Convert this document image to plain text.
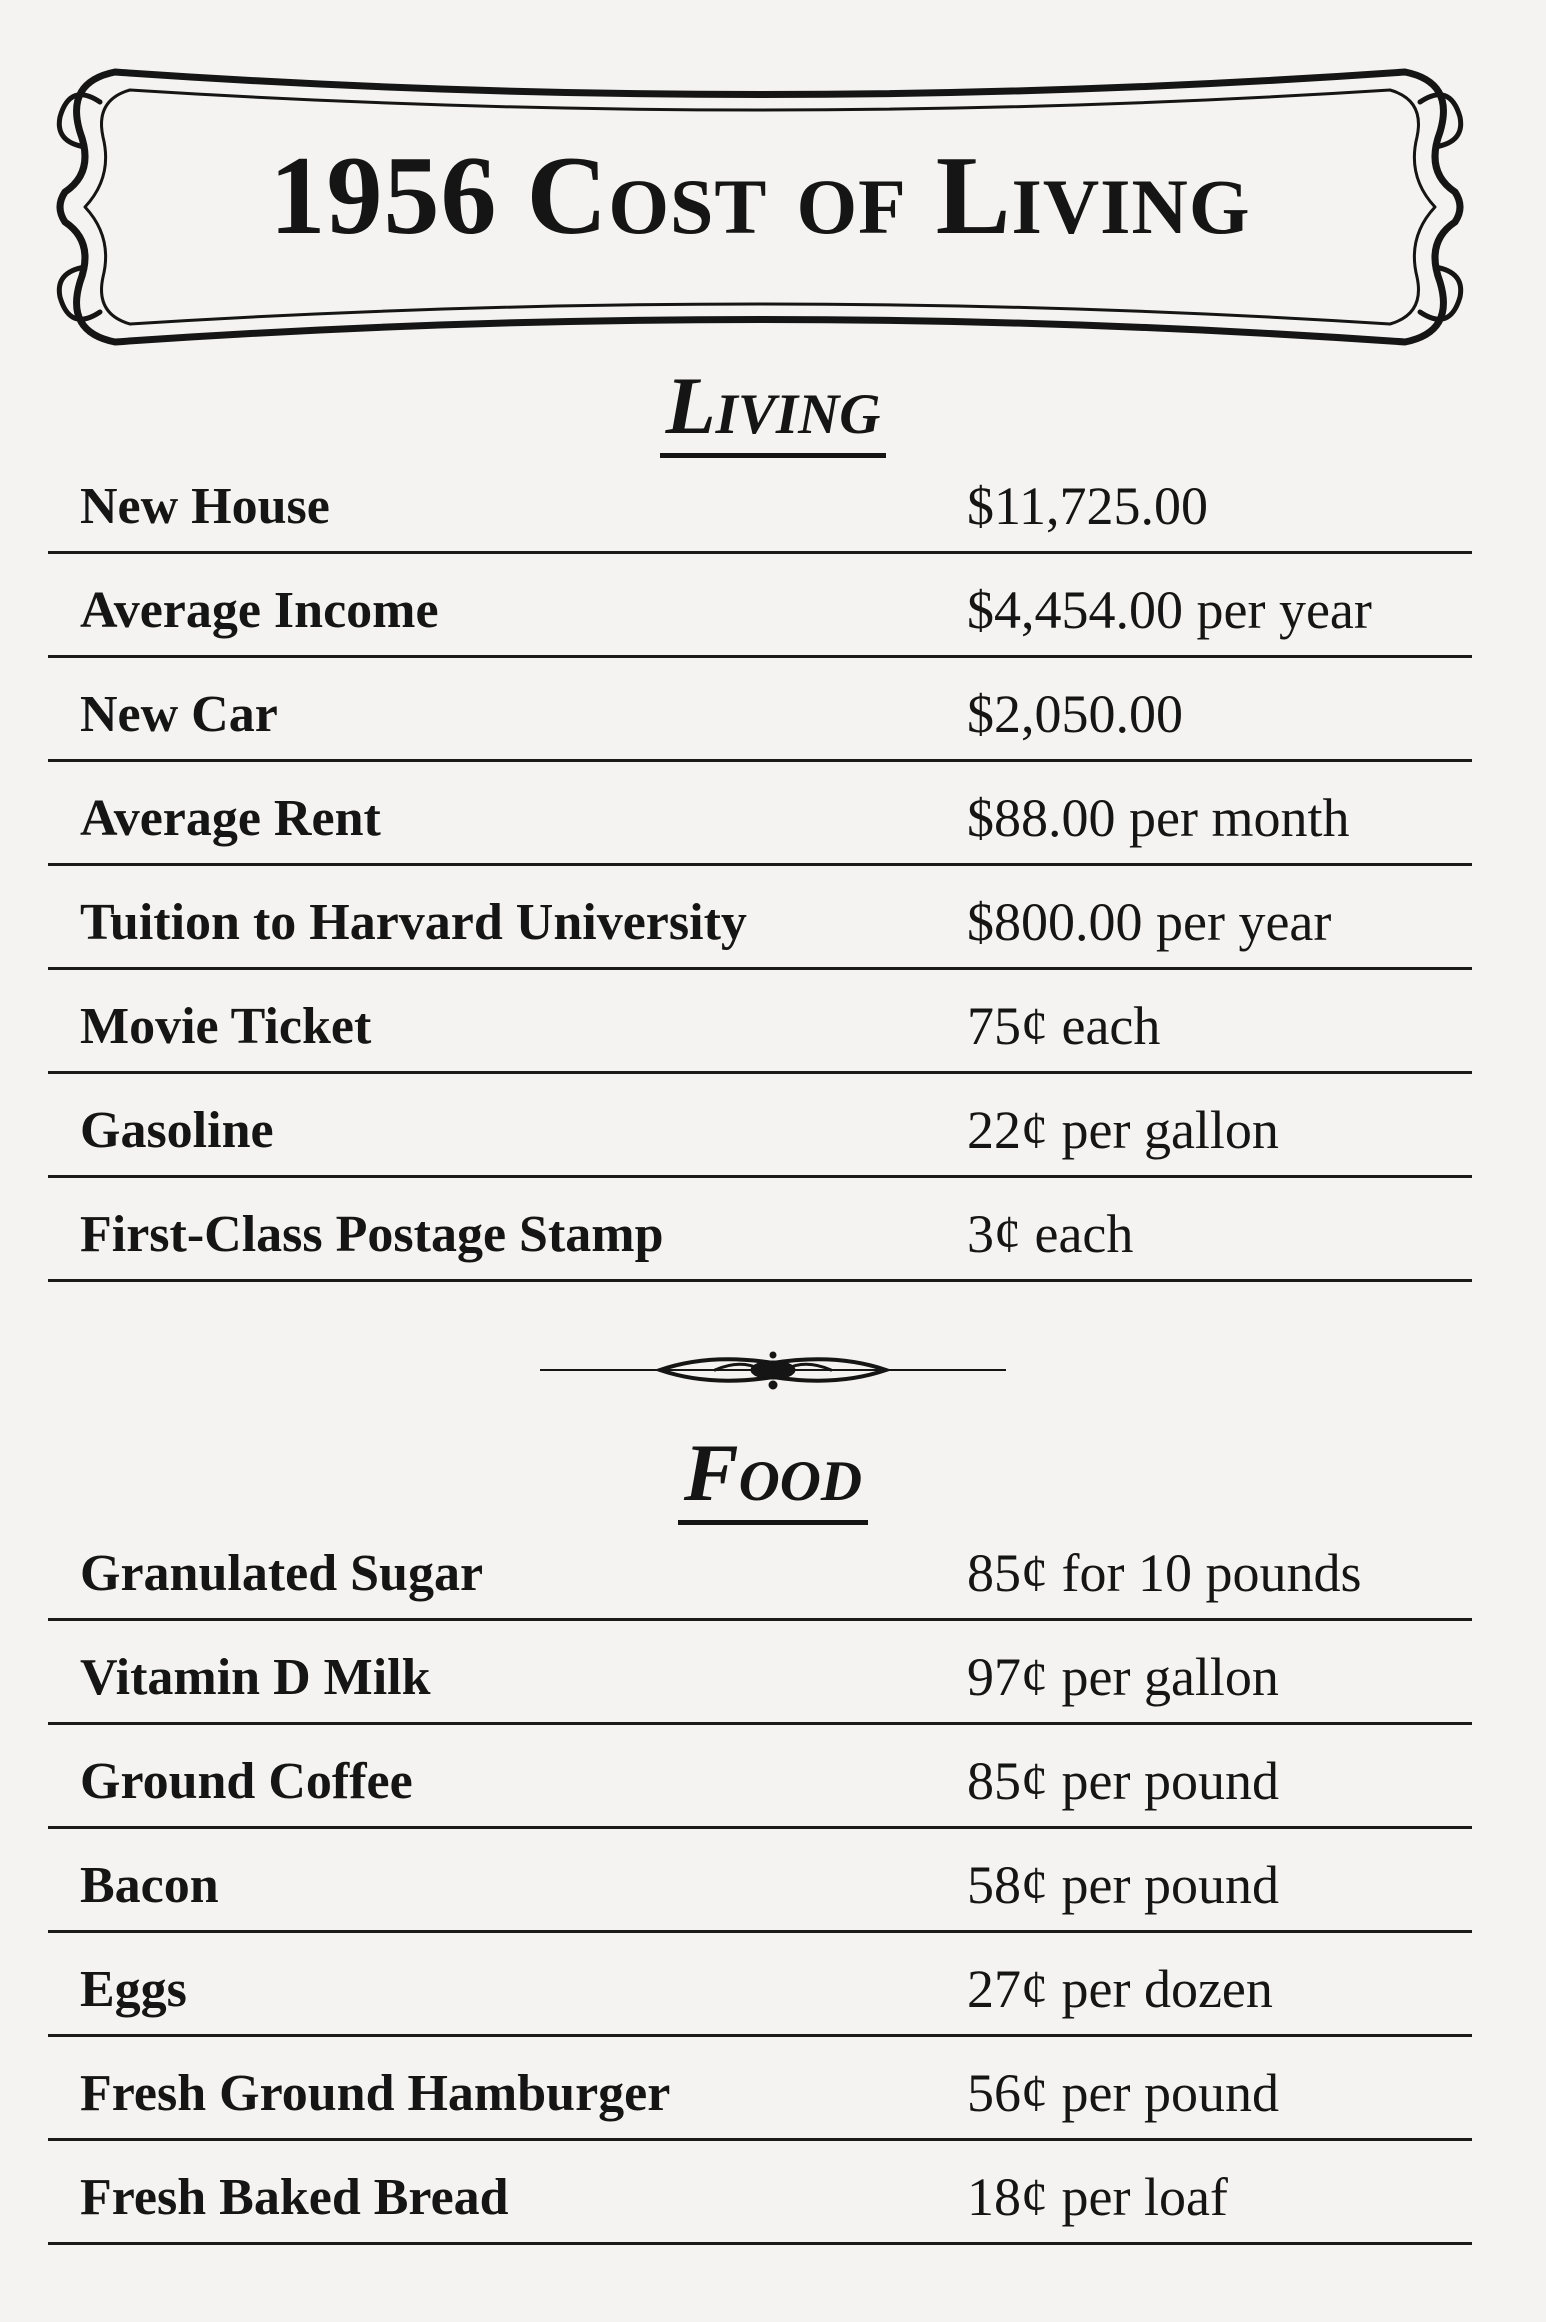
1956 Cost of Living
Living
New House	$11,725.00
Average Income	$4,454.00 per year
New Car	$2,050.00
Average Rent	$88.00 per month
Tuition to Harvard University	$800.00 per year
Movie Ticket	75¢ each
Gasoline	22¢ per gallon
First-Class Postage Stamp	3¢ each
Food
Granulated Sugar	85¢ for 10 pounds
Vitamin D Milk	97¢ per gallon
Ground Coffee	85¢ per pound
Bacon	58¢ per pound
Eggs	27¢ per dozen
Fresh Ground Hamburger	56¢ per pound
Fresh Baked Bread	18¢ per loaf
